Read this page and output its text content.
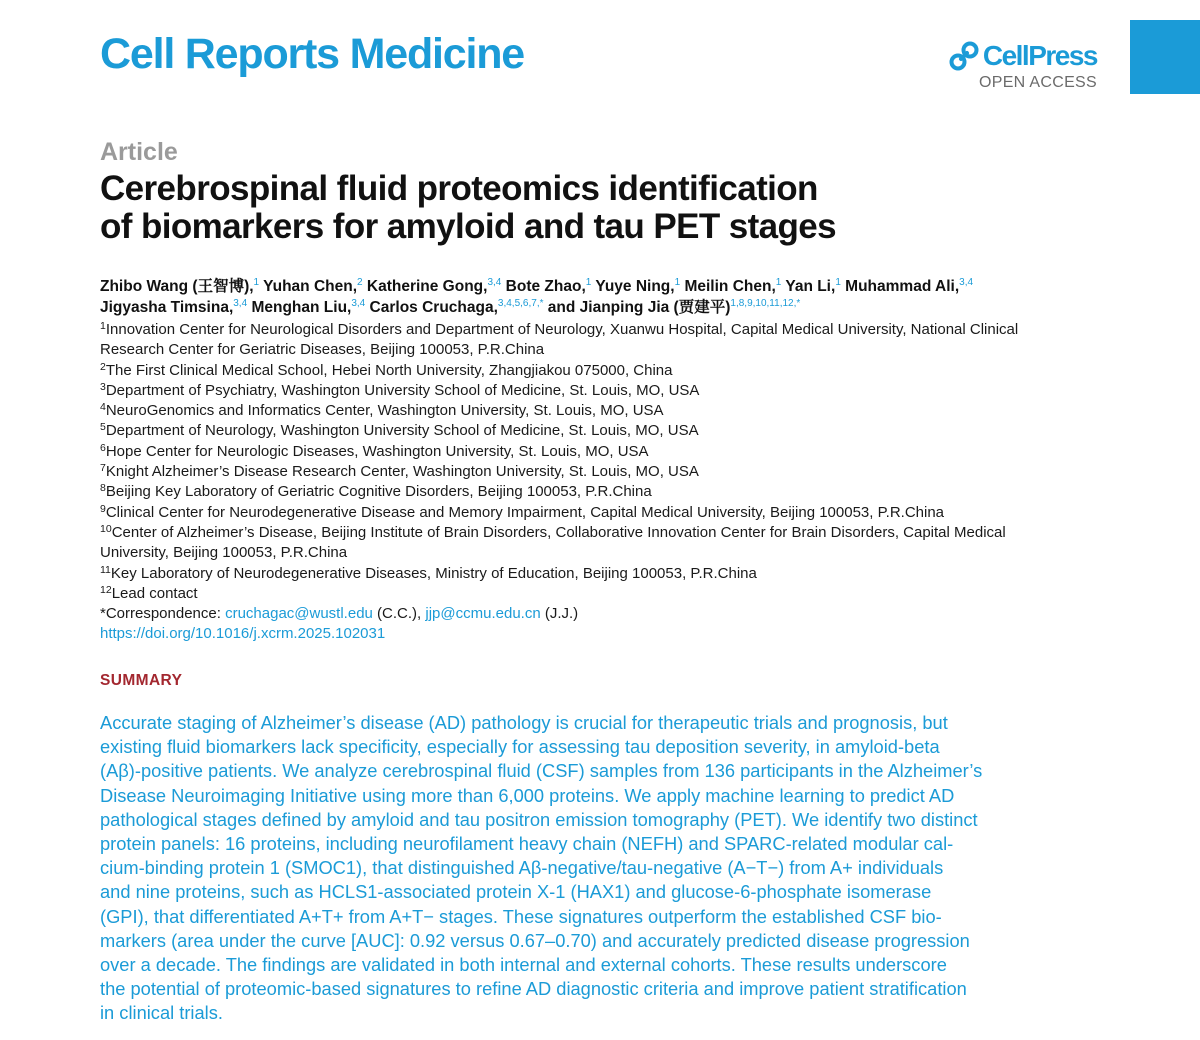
Cell Reports Medicine	CellPress
OPEN ACCESS
Article
Cerebrospinal fluid proteomics identification
of biomarkers for amyloid and tau PET stages
Zhibo Wang (王智博),$^1$ Yuhan Chen,$^2$ Katherine Gong,$^{3,4}$ Bote Zhao,$^1$ Yuye Ning,$^1$ Meilin Chen,$^1$ Yan Li,$^1$ Muhammad Ali,$^{3,4}$
Jigyasha Timsina,$^{3,4}$ Menghan Liu,$^{3,4}$ Carlos Cruchaga,$^{3,4,5,6,7,*}$ and Jianping Jia (贾建平)$^{1,8,9,10,11,12,*}$
$^1$Innovation Center for Neurological Disorders and Department of Neurology, Xuanwu Hospital, Capital Medical University, National Clinical
Research Center for Geriatric Diseases, Beijing 100053, P.R.China
$^2$The First Clinical Medical School, Hebei North University, Zhangjiakou 075000, China
$^3$Department of Psychiatry, Washington University School of Medicine, St. Louis, MO, USA
$^4$NeuroGenomics and Informatics Center, Washington University, St. Louis, MO, USA
$^5$Department of Neurology, Washington University School of Medicine, St. Louis, MO, USA
$^6$Hope Center for Neurologic Diseases, Washington University, St. Louis, MO, USA
$^7$Knight Alzheimer’s Disease Research Center, Washington University, St. Louis, MO, USA
$^8$Beijing Key Laboratory of Geriatric Cognitive Disorders, Beijing 100053, P.R.China
$^9$Clinical Center for Neurodegenerative Disease and Memory Impairment, Capital Medical University, Beijing 100053, P.R.China
$^{10}$Center of Alzheimer’s Disease, Beijing Institute of Brain Disorders, Collaborative Innovation Center for Brain Disorders, Capital Medical
University, Beijing 100053, P.R.China
$^{11}$Key Laboratory of Neurodegenerative Diseases, Ministry of Education, Beijing 100053, P.R.China
$^{12}$Lead contact
*Correspondence: cruchagac@wustl.edu (C.C.), jjp@ccmu.edu.cn (J.J.)
https://doi.org/10.1016/j.xcrm.2025.102031
SUMMARY
Accurate staging of Alzheimer’s disease (AD) pathology is crucial for therapeutic trials and prognosis, but
existing fluid biomarkers lack specificity, especially for assessing tau deposition severity, in amyloid-beta
(Aβ)-positive patients. We analyze cerebrospinal fluid (CSF) samples from 136 participants in the Alzheimer’s
Disease Neuroimaging Initiative using more than 6,000 proteins. We apply machine learning to predict AD
pathological stages defined by amyloid and tau positron emission tomography (PET). We identify two distinct
protein panels: 16 proteins, including neurofilament heavy chain (NEFH) and SPARC-related modular cal-
cium-binding protein 1 (SMOC1), that distinguished Aβ-negative/tau-negative (A−T−) from A+ individuals
and nine proteins, such as HCLS1-associated protein X-1 (HAX1) and glucose-6-phosphate isomerase
(GPI), that differentiated A+T+ from A+T− stages. These signatures outperform the established CSF bio-
markers (area under the curve [AUC]: 0.92 versus 0.67–0.70) and accurately predicted disease progression
over a decade. The findings are validated in both internal and external cohorts. These results underscore
the potential of proteomic-based signatures to refine AD diagnostic criteria and improve patient stratification
in clinical trials.
